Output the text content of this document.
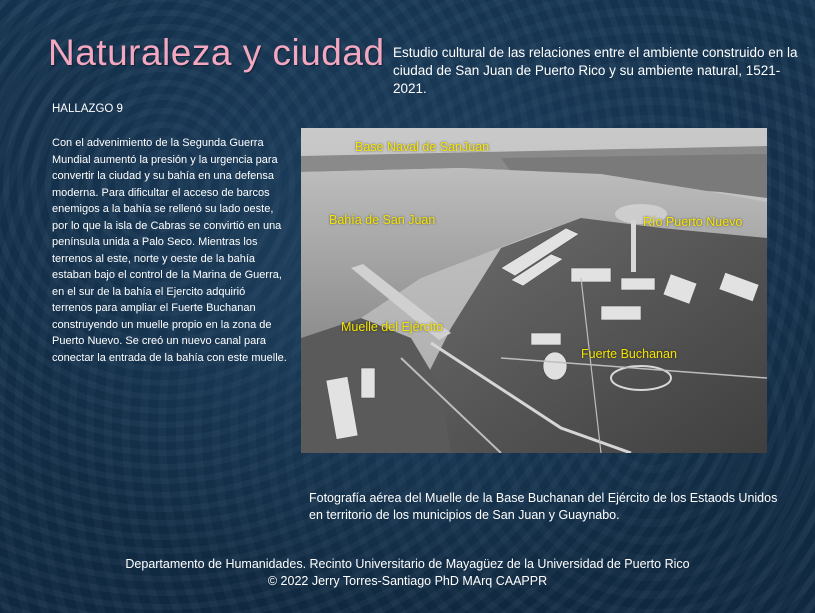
Naturaleza y ciudad Estudio cultural de las relaciones entre el ambiente construido en la ciudad de San Juan de Puerto Rico y su ambiente natural, 1521-2021.

HALLAZGO 9

Con el advenimiento de la Segunda Guerra Mundial aumentó la presión y la urgencia para convertir la ciudad y su bahía en una defensa moderna. Para dificultar el acceso de barcos enemigos a la bahía se rellenó su lado oeste, por lo que la isla de Cabras se convirtió en una península unida a Palo Seco. Mientras los terrenos al este, norte y oeste de la bahía estaban bajo el control de la Marina de Guerra, en el sur de la bahía el Ejercito adquirió terrenos para ampliar el Fuerte Buchanan construyendo un muelle propio en la zona de Puerto Nuevo. Se creó un nuevo canal para conectar la entrada de la bahía con este muelle.

Base Naval de SanJuan
Bahía de San Juan	Río Puerto Nuevo
Muelle del Ejército
Fuerte Buchanan

Fotografía aérea del Muelle de la Base Buchanan del Ejército de los Estaods Unidos en territorio de los municipios de San Juan y Guaynabo.

Departamento de Humanidades. Recinto Universitario de Mayagüez de la Universidad de Puerto Rico
© 2022 Jerry Torres-Santiago PhD MArq CAAPPR
